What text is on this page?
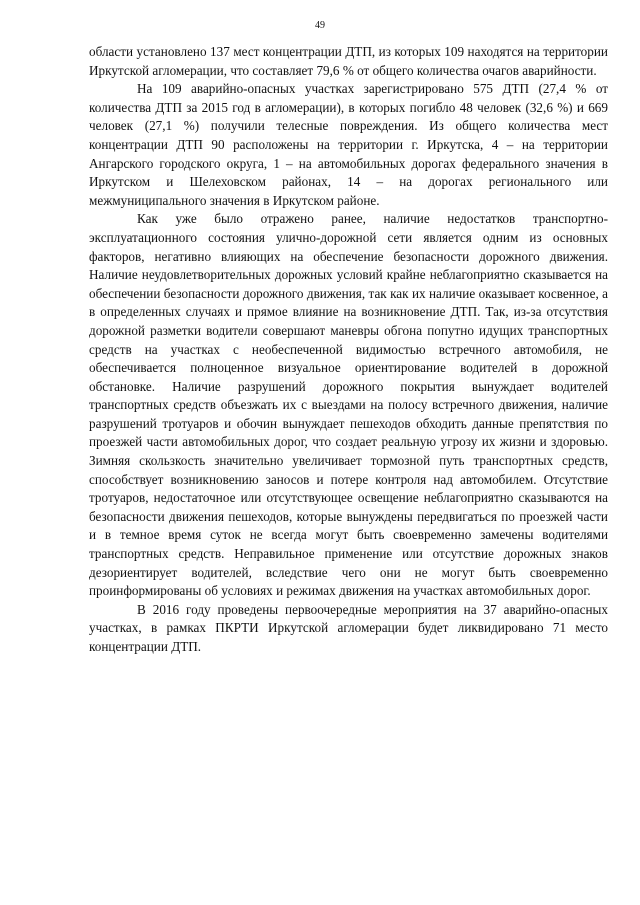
49

области установлено 137 мест концентрации ДТП, из которых 109 находятся на территории Иркутской агломерации, что составляет 79,6 % от общего количества очагов аварийности.

На 109 аварийно-опасных участках зарегистрировано 575 ДТП (27,4 % от количества ДТП за 2015 год в агломерации), в которых погибло 48 человек (32,6 %) и 669 человек (27,1 %) получили телесные повреждения. Из общего количества мест концентрации ДТП 90 расположены на территории г. Иркутска, 4 – на территории Ангарского городского округа, 1 – на автомобильных дорогах федерального значения в Иркутском и Шелеховском районах, 14 – на дорогах регионального или межмуниципального значения в Иркутском районе.

Как уже было отражено ранее, наличие недостатков транспортно-эксплуатационного состояния улично-дорожной сети является одним из основных факторов, негативно влияющих на обеспечение безопасности дорожного движения. Наличие неудовлетворительных дорожных условий крайне неблагоприятно сказывается на обеспечении безопасности дорожного движения, так как их наличие оказывает косвенное, а в определенных случаях и прямое влияние на возникновение ДТП. Так, из-за отсутствия дорожной разметки водители совершают маневры обгона попутно идущих транспортных средств на участках с необеспеченной видимостью встречного автомобиля, не обеспечивается полноценное визуальное ориентирование водителей в дорожной обстановке. Наличие разрушений дорожного покрытия вынуждает водителей транспортных средств объезжать их с выездами на полосу встречного движения, наличие разрушений тротуаров и обочин вынуждает пешеходов обходить данные препятствия по проезжей части автомобильных дорог, что создает реальную угрозу их жизни и здоровью. Зимняя скользкость значительно увеличивает тормозной путь транспортных средств, способствует возникновению заносов и потере контроля над автомобилем. Отсутствие тротуаров, недостаточное или отсутствующее освещение неблагоприятно сказываются на безопасности движения пешеходов, которые вынуждены передвигаться по проезжей части и в темное время суток не всегда могут быть своевременно замечены водителями транспортных средств. Неправильное применение или отсутствие дорожных знаков дезориентирует водителей, вследствие чего они не могут быть своевременно проинформированы об условиях и режимах движения на участках автомобильных дорог.

В 2016 году проведены первоочередные мероприятия на 37 аварийно-опасных участках, в рамках ПКРТИ Иркутской агломерации будет ликвидировано 71 место концентрации ДТП.
